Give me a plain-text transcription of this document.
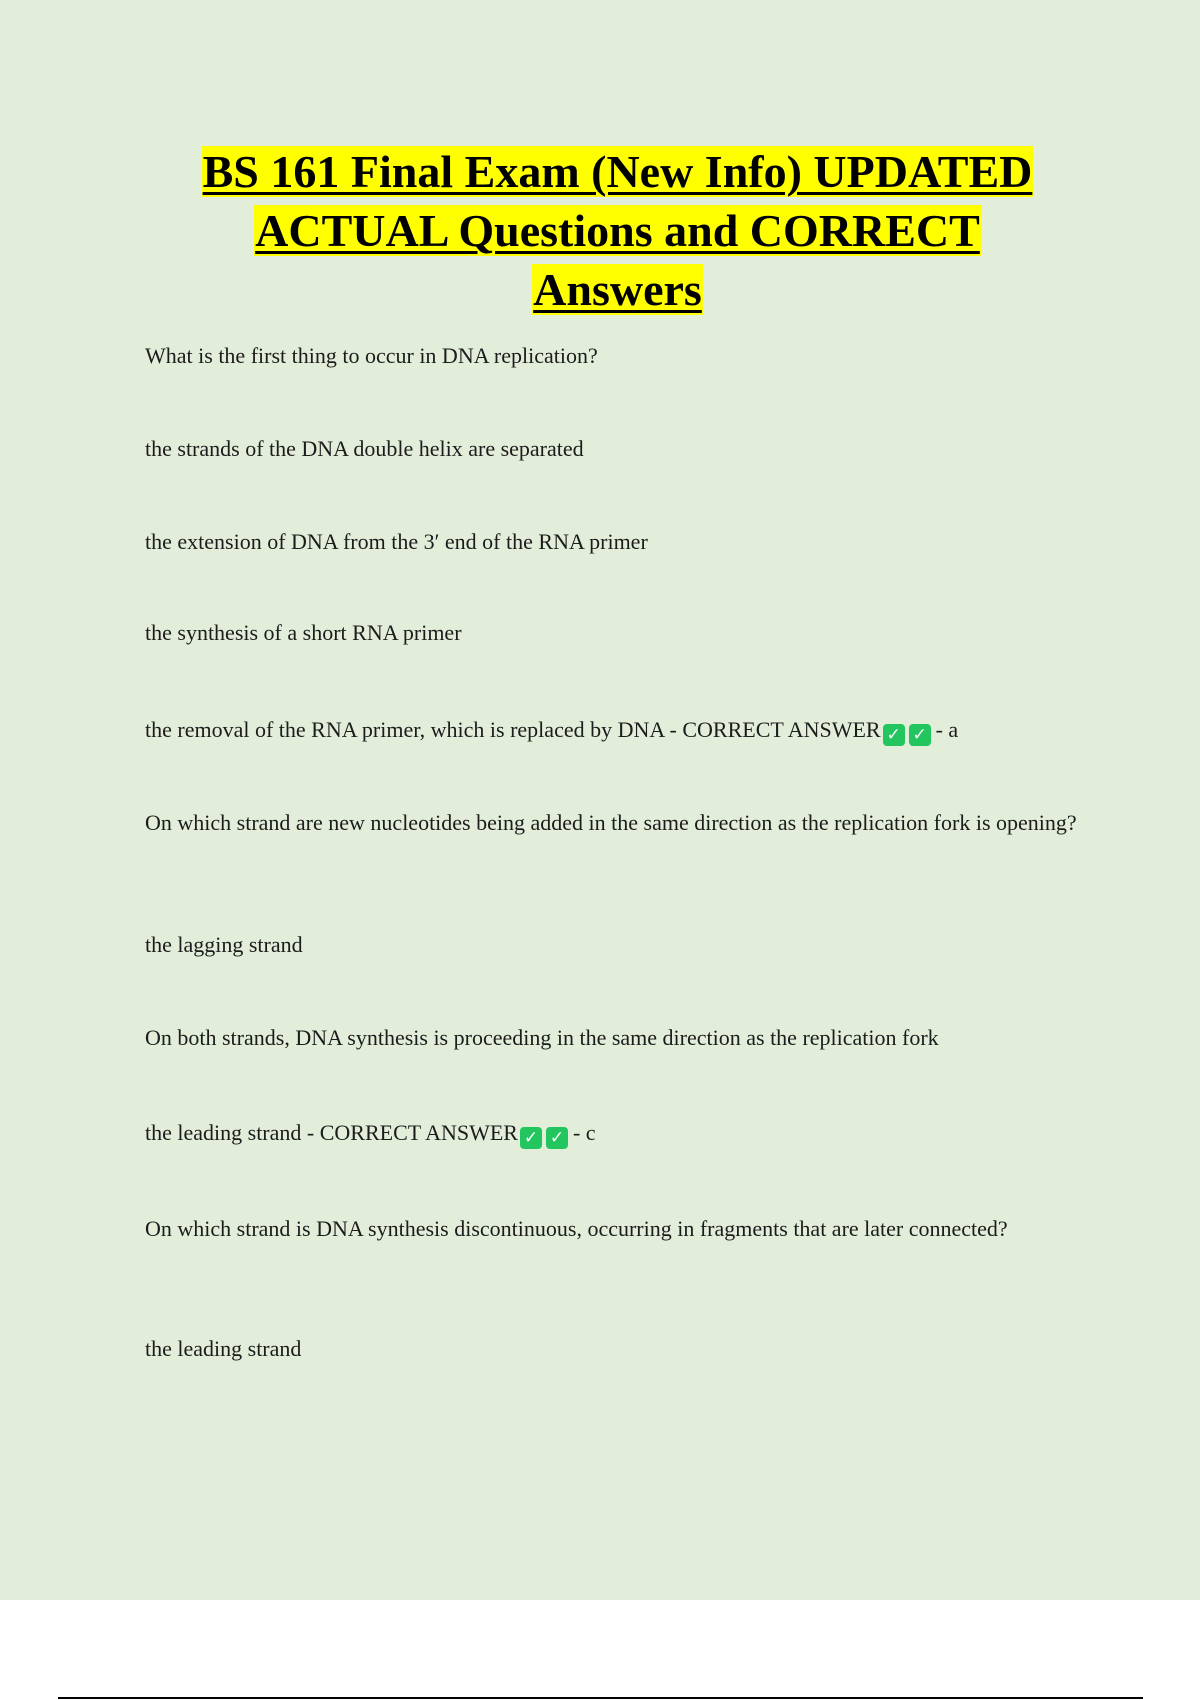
BS 161 Final Exam (New Info) UPDATED
ACTUAL Questions and CORRECT
Answers

What is the first thing to occur in DNA replication?

the strands of the DNA double helix are separated

the extension of DNA from the 3′ end of the RNA primer

the synthesis of a short RNA primer

the removal of the RNA primer, which is replaced by DNA - CORRECT ANSWER ✓ ✓ - a

On which strand are new nucleotides being added in the same direction as the replication fork is opening?

the lagging strand

On both strands, DNA synthesis is proceeding in the same direction as the replication fork

the leading strand - CORRECT ANSWER ✓ ✓ - c

On which strand is DNA synthesis discontinuous, occurring in fragments that are later connected?

the leading strand
